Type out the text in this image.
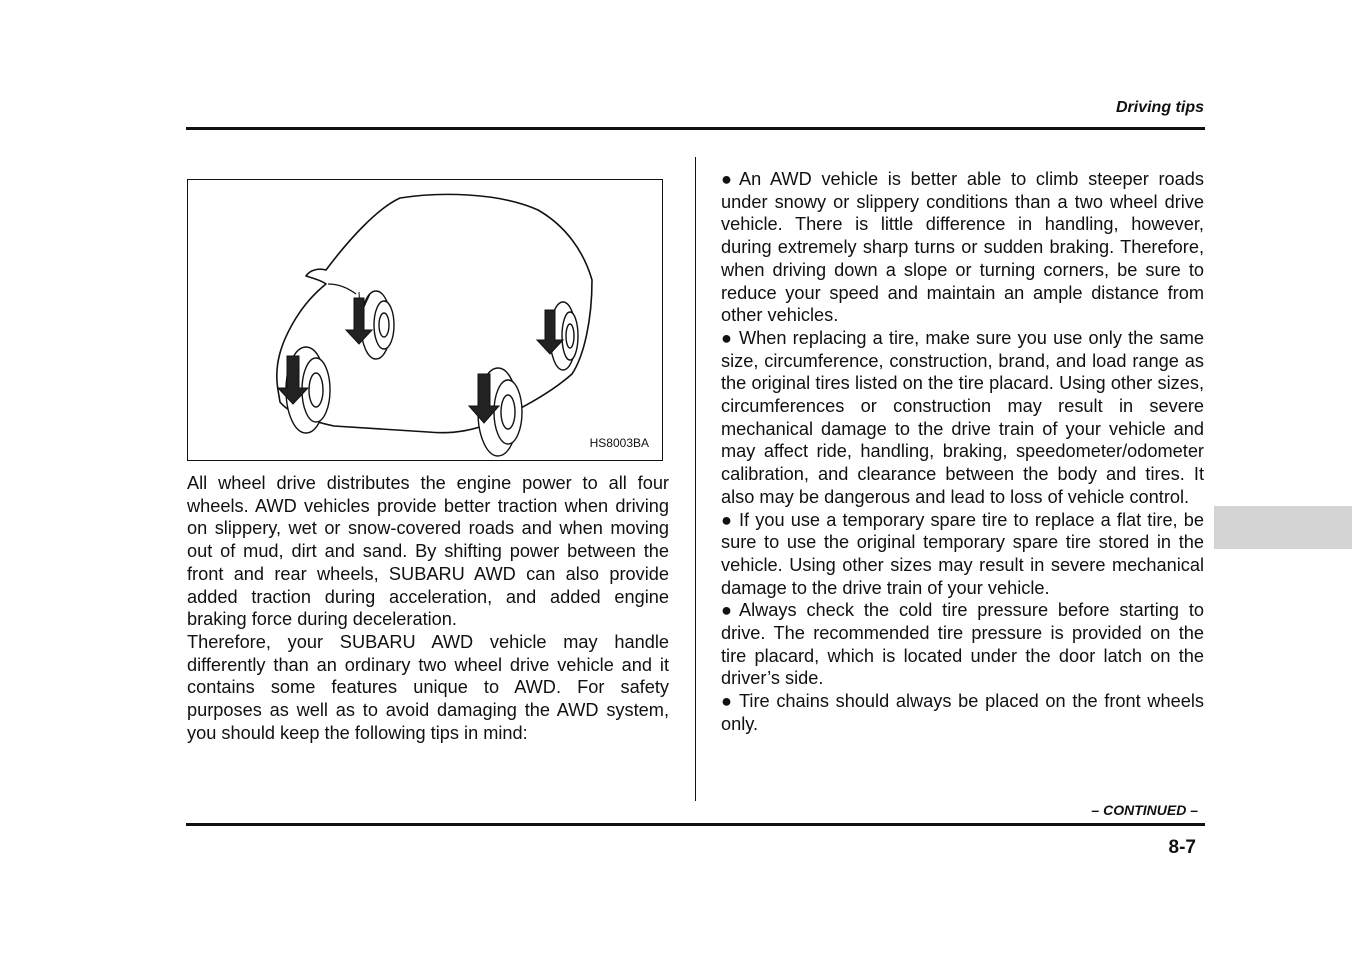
Driving tips
HS8003BA

All wheel drive distributes the engine power to all four wheels. AWD vehicles provide better traction when driving on slippery, wet or snow-covered roads and when moving out of mud, dirt and sand. By shifting power between the front and rear wheels, SUBARU AWD can also provide added traction during acceleration, and added engine braking force during deceleration.

Therefore, your SUBARU AWD vehicle may handle differently than an ordinary two wheel drive vehicle and it contains some features unique to AWD. For safety purposes as well as to avoid damaging the AWD system, you should keep the following tips in mind:

● An AWD vehicle is better able to climb steeper roads under snowy or slippery conditions than a two wheel drive vehicle. There is little difference in handling, however, during extremely sharp turns or sudden braking. Therefore, when driving down a slope or turning corners, be sure to reduce your speed and maintain an ample distance from other vehicles.

● When replacing a tire, make sure you use only the same size, circumference, construction, brand, and load range as the original tires listed on the tire placard. Using other sizes, circumferences or construction may result in severe mechanical damage to the drive train of your vehicle and may affect ride, handling, braking, speedometer/odometer calibration, and clearance between the body and tires. It also may be dangerous and lead to loss of vehicle control.

● If you use a temporary spare tire to replace a flat tire, be sure to use the original temporary spare tire stored in the vehicle. Using other sizes may result in severe mechanical damage to the drive train of your vehicle.

● Always check the cold tire pressure before starting to drive. The recommended tire pressure is provided on the tire placard, which is located under the door latch on the driver’s side.

● Tire chains should always be placed on the front wheels only.

– CONTINUED –
8-7
